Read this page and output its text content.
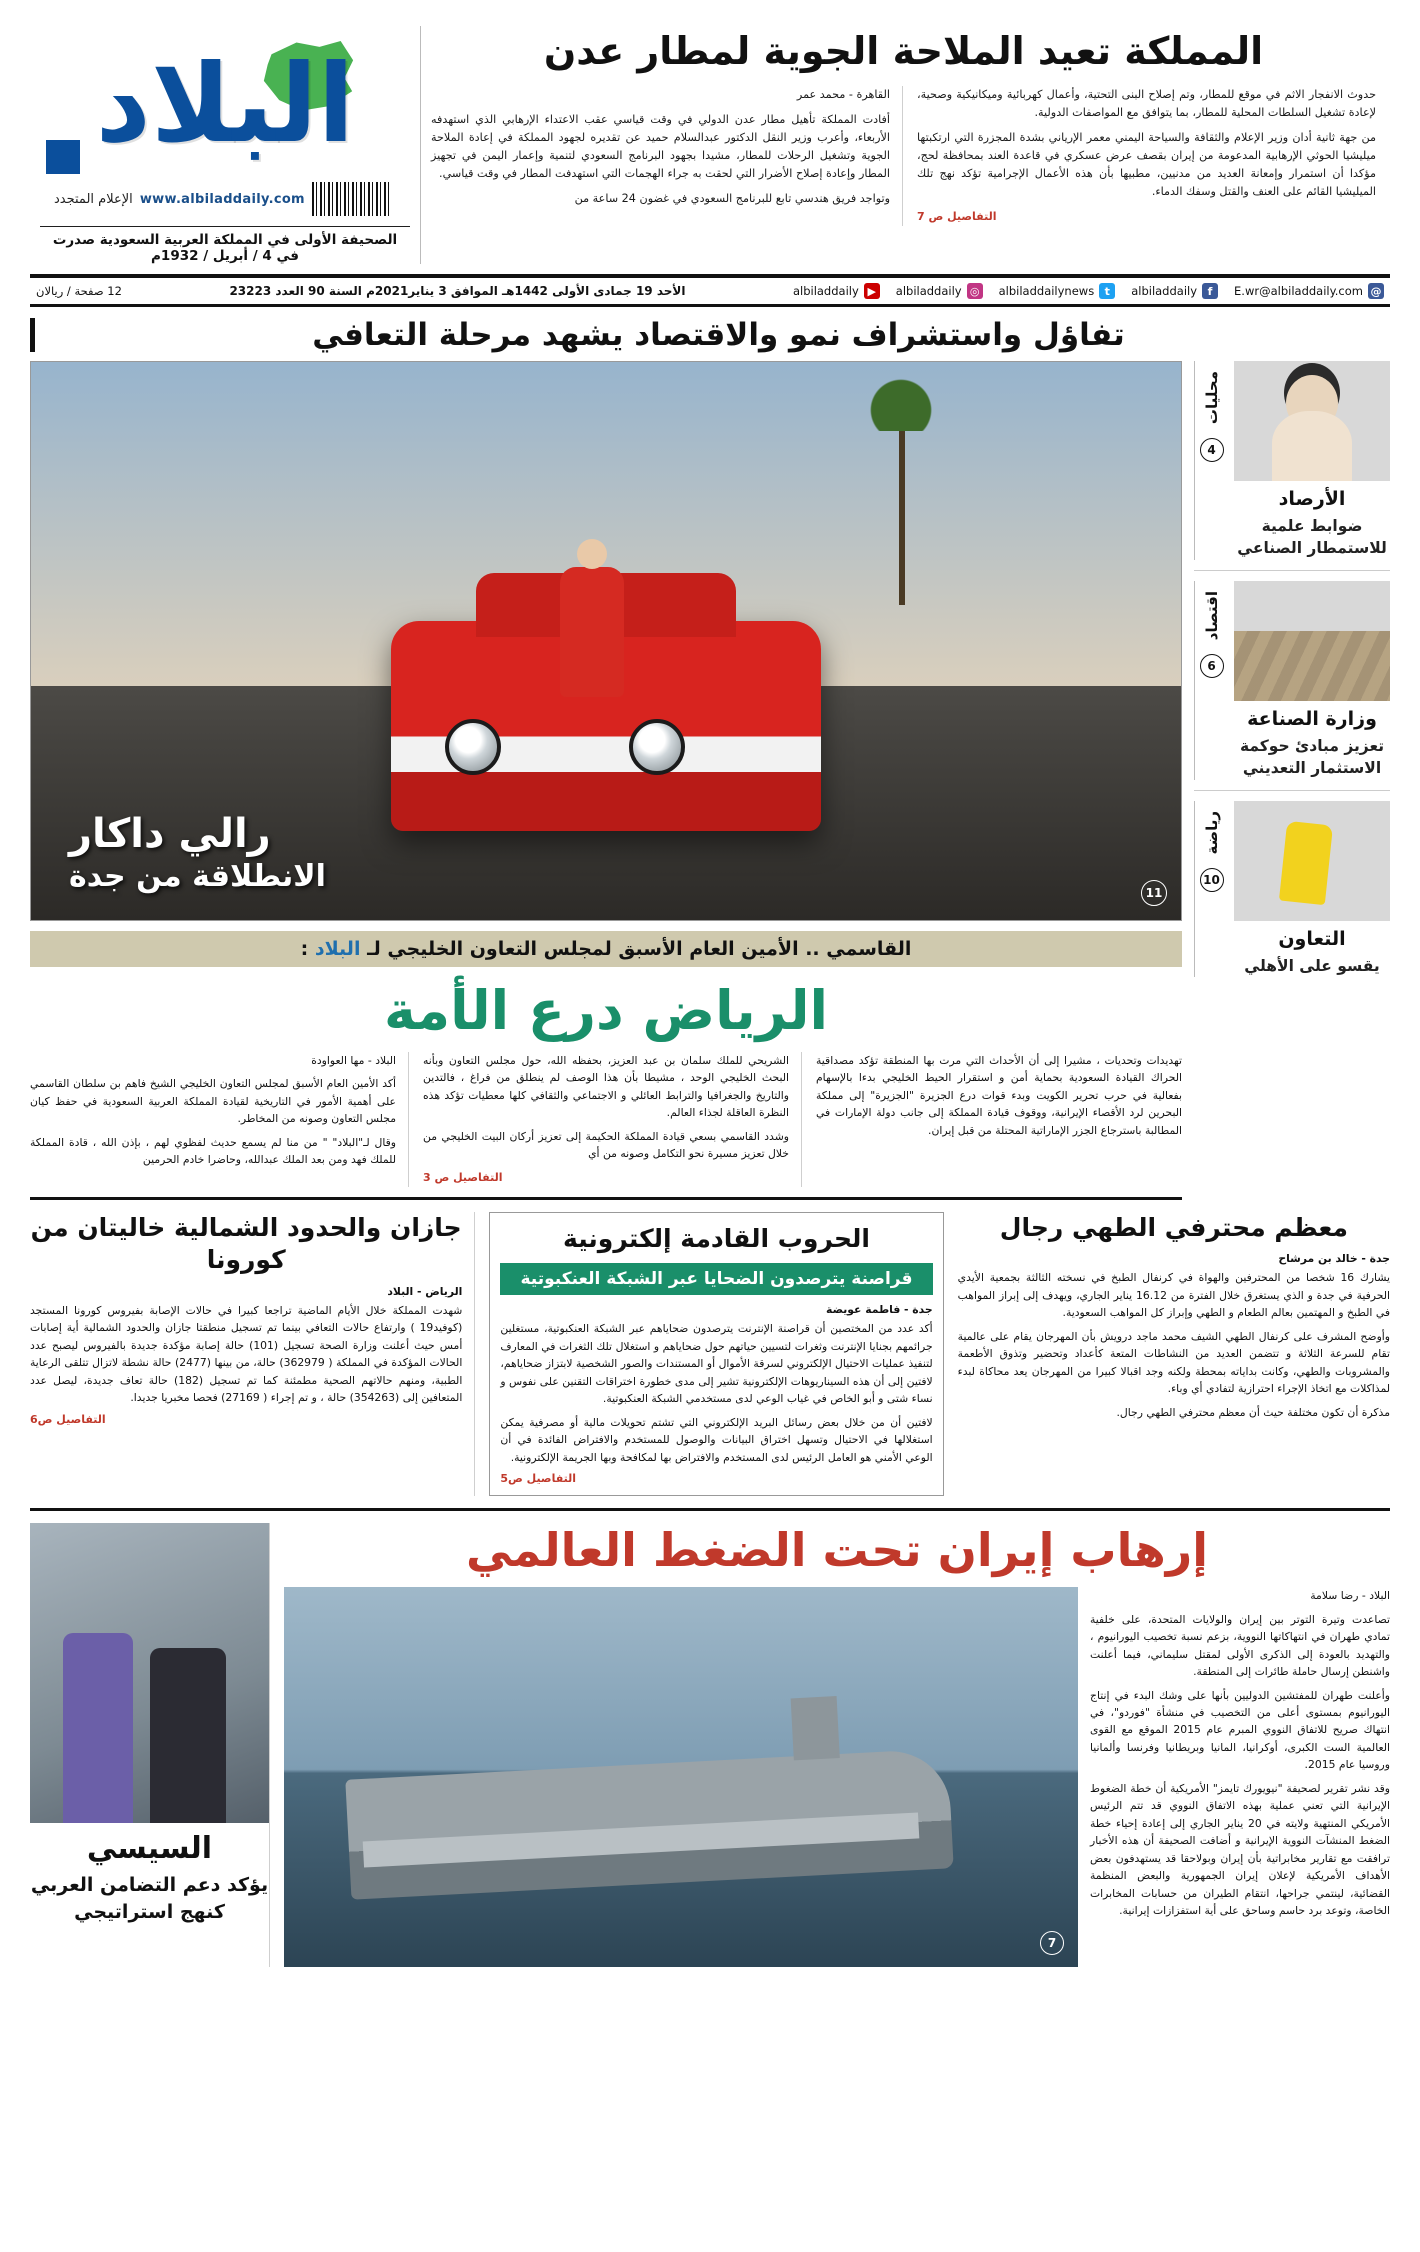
المملكة تعيد الملاحة الجوية لمطار عدن

حدوث الانفجار الاثم في موقع للمطار، وتم إصلاح البنى التحتية، وأعمال كهربائية وميكانيكية وصحية، لإعادة تشغيل السلطات المحلية للمطار، بما يتوافق مع المواصفات الدولية.

من جهة ثانية أدان وزير الإعلام والثقافة والسياحة اليمني معمر الإرياني بشدة المجزرة التي ارتكبتها ميليشيا الحوثي الإرهابية المدعومة من إيران بقصف عرض عسكري في قاعدة العند بمحافظة لحج، مؤكدا أن استمرار وإمعانة العديد من مدنيين، مطبيها بأن هذه الأعمال الإجرامية تؤكد نهج تلك الميليشيا القائم على العنف والقتل وسفك الدماء.

التفاصيل ص 7

القاهرة - محمد عمر

أفادت المملكة تأهيل مطار عدن الدولي في وقت قياسي عقب الاعتداء الإرهابي الذي استهدفه الأربعاء، وأعرب وزير النقل الدكتور عبدالسلام حميد عن تقديره لجهود المملكة في إعادة الملاحة الجوية وتشغيل الرحلات للمطار، مشيدا بجهود البرنامج السعودي لتنمية وإعمار اليمن في تجهيز المطار وإعادة إصلاح الأضرار التي لحقت به جراء الهجمات التي استهدفت المطار في وقت قياسي.

وتواجد فريق هندسي تابع للبرنامج السعودي في غضون 24 ساعة من

البلاد
www.albiladdaily.com
الإعلام المتجدد
الصحيفة الأولى في المملكة العربية السعودية صدرت في 4 / أبريل / 1932م
@
E.wr@albiladdaily.com
f
albiladdaily
t
albiladdailynews
◎
albiladdaily
▶
albiladdaily
الأحد 19 جمادى الأولى 1442هـ الموافق 3 يناير2021م السنة 90 العدد 23223
12 صفحة / ريالان
تفاؤل واستشراف نمو والاقتصاد يشهد مرحلة التعافي
الأرصاد
ضوابط علمية للاستمطار الصناعي
محليات
4
وزارة الصناعة
تعزيز مبادئ حوكمة الاستثمار التعديني
اقتصاد
6
التعاون
يقسو على الأهلي
رياضة
10
رالي داكار
الانطلاقة من جدة	11
القاسمي .. الأمين العام الأسبق لمجلس التعاون الخليجي لـ البلاد :
الرياض درع الأمة

تهديدات وتحديات ، مشيرا إلى أن الأحداث التي مرت بها المنطقة تؤكد مصداقية الحراك القيادة السعودية بحماية أمن و استقرار الحيط الخليجي بدءا بالإسهام بفعالية في حرب تحرير الكويت وبدء قوات درع الجزيرة "الجزيرة" إلى مملكة البحرين لرد الأقصاء الإيرانية، ووقوف قيادة المملكة إلى جانب دولة الإمارات في المطالبة باسترجاع الجزر الإماراتية المحتلة من قبل إيران.

الشريحي للملك سلمان بن عبد العزيز، بحفظه الله، حول مجلس التعاون وبأنه البحث الخليجي الوحد ، مشيطا بأن هذا الوصف لم ينطلق من فراغ ، فالتدين والتاريخ والجغرافيا والترابط العائلي و الاجتماعي والثقافي كلها معطيات تؤكد هذه النظرة العاقلة لجذاء العالم.

وشدد القاسمي بسعي قيادة المملكة الحكيمة إلى تعزيز أركان البيت الخليجي من خلال تعزيز مسيرة نحو التكامل وصونه من أي

التفاصيل ص 3

البلاد - مها العواودة

أكد الأمين العام الأسبق لمجلس التعاون الخليجي الشيخ فاهم بن سلطان القاسمي على أهمية الأمور في التاريخية لقيادة المملكة العربية السعودية في حفظ كيان مجلس التعاون وصونه من المخاطر.

وقال لـ"البلاد" " من منا لم يسمع حديث لفظوي لهم ، بإذن الله ، قادة المملكة للملك فهد ومن بعد الملك عبدالله، وحاضرا خادم الحرمين

معظم محترفي الطهي رجال
جدة - خالد بن مرشاح

يشارك 16 شخصا من المحترفين والهواة في كرنفال الطبخ في نسخته الثالثة بجمعية الأيدي الحرفية في جدة و الذي يستغرق خلال الفترة من 16.12 يناير الجاري، ويهدف إلى إبراز المواهب في الطبخ و المهتمين بعالم الطعام و الطهي وإبراز كل المواهب السعودية.

وأوضح المشرف على كرنفال الطهي الشيف محمد ماجد درويش بأن المهرجان يقام على عالمية تقام للسرعة الثلاثة و تتضمن العديد من النشاطات المتعة كأعداد وتحضير وتذوق الأطعمة والمشروبات والطهي، وكانت بداياته بمحطة ولكنه وجد اقبالا كبيرا من المهرجان يعد محاكاة لبدء لمذاكلات مع اتخاذ الإجراء احترازية لتفادي أي وباء.

مذكرة أن تكون مختلفة حيث أن معظم محترفي الطهي رجال.

الحروب القادمة إلكترونية
قراصنة يترصدون الضحايا عبر الشبكة العنكبوتية
جدة - فاطمة عويضة

أكد عدد من المختصين أن قراصنة الإنترنت يترصدون ضحاياهم عبر الشبكة العنكبوتية، مستغلين جرائمهم بجنايا الإنترنت وثغرات لتسيين حياتهم حول ضحاياهم و استغلال تلك الثغرات في المعارف لتنفيذ عمليات الاحتيال الإلكتروني لسرقة الأموال أو المستندات والصور الشخصية لابتزاز ضحاياهم، لافتين إلى أن هذه السيناريوهات الإلكترونية تشير إلى مدى خطورة اختراقات التقنين على نفوس و نساء شتى و أبو الخاص في غياب الوعي لدى مستخدمي الشبكة العنكبوتية.

لافتين أن من خلال بعض رسائل البريد الإلكتروني التي تشتم تحويلات مالية أو مصرفية يمكن استغلالها في الاحتيال وتسهل اختراق البيانات والوصول للمستخدم والافتراض الفائدة في أن الوعي الأمني هو العامل الرئيس لدى المستخدم والافتراض بها لمكافحة وبها الجريمة الإلكترونية.

التفاصيل ص5
جازان والحدود الشمالية خاليتان من كورونا
الرياض - البلاد

شهدت المملكة خلال الأيام الماضية تراجعا كبيرا في حالات الإصابة بفيروس كورونا المستجد (كوفيد19 ) وارتفاع حالات التعافي بينما تم تسجيل منطقتا جازان والحدود الشمالية أية إصابات أمس حيث أعلنت وزارة الصحة تسجيل (101) حالة إصابة مؤكدة جديدة بالفيروس ليصبح عدد الحالات المؤكدة في المملكة ( 362979) حالة، من بينها (2477) حالة نشطة لاتزال تتلقى الرعاية الطبية، ومنهم حالاتهم الصحية مطمئنة كما تم تسجيل (182) حالة تعاف جديدة، ليصل عدد المتعافين إلى (354263) حالة ، و تم إجراء ( 27169) فحصا مخبريا جديدا.

التفاصيل ص6
إرهاب إيران تحت الضغط العالمي

البلاد - رضا سلامة

تصاعدت وتيرة التوتر بين إيران والولايات المتحدة، على خلفية تمادي طهران في انتهاكاتها النووية، بزعم نسبة تخصيب اليورانيوم ، والتهديد بالعودة إلى الذكرى الأولى لمقتل سليماني، فيما أعلنت واشنطن إرسال حاملة طائرات إلى المنطقة.

وأعلنت طهران للمفتشين الدوليين بأنها على وشك البدء في إنتاج اليورانيوم بمستوى أعلى من التخصيب في منشأة "فوردو"، في انتهاك صريح للاتفاق النووي المبرم عام 2015 الموقع مع القوى العالمية الست الكبرى، أوكرانيا، المانيا وبريطانيا وفرنسا وألمانيا وروسيا عام 2015.

وقد نشر تقرير لصحيفة "نيويورك تايمز" الأمريكية أن خطة الضغوط الإيرانية التي تعني عملية بهذه الاتفاق النووي قد تتم الرئيس الأمريكي المنتهية ولايته في 20 يناير الجاري إلى إعادة إحياء خطة الضغط المنشآت النووية الإيرانية و أضافت الصحيفة أن هذه الأخبار ترافقت مع تقارير مخابراتية بأن إيران وبولاحقا قد يستهدفون بعض الأهداف الأمريكية لإعلان إيران الجمهورية والبعض المنظمة القضائية، لينتمي جراحها، انتقام الطيران من حسابات المخابرات الخاصة، وتوعد برد حاسم وساحق على أية استفزازات إيرانية.

7
السيسي
يؤكد دعم التضامن العربي كنهج استراتيجي
